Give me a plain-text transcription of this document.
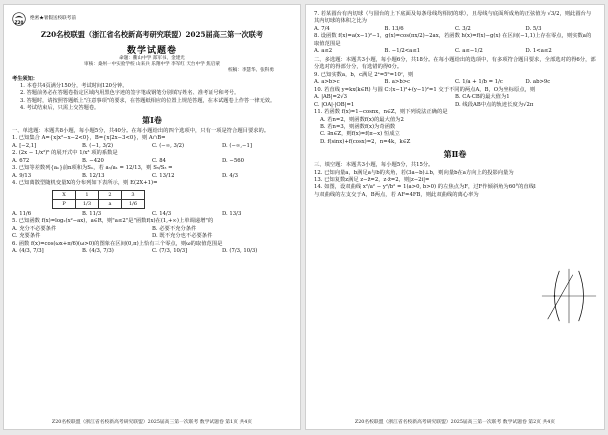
Z20
绝密★暑假送校联考前
Z20名校联盟（浙江省名校新高考研究联盟）2025届高三第一次联考
数学试题卷
命题：衢山中学 郑军书、金建光
审核：桑州一中实验学校 山来兵 乐翔中学 李军红 天台中学 焦启蒙
校稿：李慧华、张科勇
考生须知：
1. 本卷共4页满分150分，考试时间120分钟。
2. 答题前务必在答题卷指定区域内用黑色字迹的签字笔或钢笔分别填写姓名、准考证号和考号。
3. 答题时，请按照答题纸上"注意事项"的要求，在答题纸相应的位置上规范答题，在本试题卷上作答一律无效。
4. 考试结束后，只需上交答题卷。
第Ⅰ卷
一、单选题：本题共8小题，每小题5分，共40分。在每小题给出的四个选项中，只有一项是符合题目要求的。
1. 已知集合 A={x|x²−x−2<0}，B={x|2x−3<0}，则 A∩B=
A. [−2,1]	B. (−1, 3/2)	C. (−∞, 3/2)	D. (−∞,−1]
2. (2x − 1/x²)⁶ 的展开式中 1/x³ 项的系数是
A. 672	B. −420	C. 84	D. −560
3. 已知等差数列{aₙ}前n项和为Sₙ，若 a₃/a₁ = 12/13，则 S₅/S₃ =
A. 9/13	B. 12/13	C. 13/12	D. 4/3
4. 已知离散型随机变量X的分布列如下表所示，则 E(2X+1)=
X	1	2	3
P	1/3	a	1/6
A. 11/6	B. 11/3	C. 14/3	D. 13/3
5. 已知函数 f(x)=log₂(x²−ax)，a∈R，则"a≤2"是"函数f(x)在(1,+∞)上单调递增"的
A. 充分不必要条件	B. 必要不充分条件
C. 充要条件	D. 既不充分也不必要条件
6. 函数 f(x)=cos(ωx+π/6)(ω>0)的图象在区间(0,π)上恰有三个零点，则ω的取值范围是
A. (4/3, 7/3]	B. (4/3, 7/3)	C. (7/3, 10/3]	D. (7/3, 10/3)
Z20名校联盟（浙江省名校新高考研究联盟）2025届高三第一次联考 数学试题卷 第1页 共4页
7. 若某圆台有内切球（与圆台的上下底面及每条母线均相切的球），且母线与底面所成角的正弦值为 √3/2，则此圆台与其内切球的体积之比为
A. 7/4	B. 13/6	C. 3/2	D. 5/3
8. 设函数 f(x)=a(x−1)²−1，g(x)=cos(πx/2)−2ax，若函数 h(x)=f(x)−g(x) 在区间(−1,1)上存在零点，则实数a的取值范围是
A. a≤2	B. −1/2<a≤1	C. a≤−1/2	D. 1<a≤2
二、多选题：本题共3小题，每小题6分，共18分。在每小题给出的选项中，有多项符合题目要求，全部选对的得6分，部分选对的得部分分，有选错的得0分。
9. 已知实数a，b，c满足 2ᵃ=5ᵇ=10ᶜ，则
A. a>b>c	B. a>b>c	C. 1/a + 1/b = 1/c	D. ab>9c
10. 若直线 y=kx(k∈R) 与圆 C:(x−1)²+(y−1)²=1 交于不同的两点A，B，O为坐标原点，则
A. |AB|=2√3	B. CA·CB的最大值为1
C. |OA|·|OB|=1	D. 线段AB中点的轨迹长度为√2π
11. 若函数 f(x)=1−cosnx，n∈Z，则下列说法正确的是
A. 若n=2，则函数f(x)的最大值为2
B. 若n=3，则函数f(x)为奇函数
C. ∃n∈Z，则f(x)=f(π−x) 恒成立
D. f(sinx)+f(cosx)=2，n=4k，k∈Z
第Ⅱ卷
三、填空题：本题共3小题，每小题5分，共15分。
12. 已知向量a，b满足a与b的夹角，若(3a−b)⊥b，则向量b在a方向上的投影向量为
13. 已知复数z满足 z−z̄=2，z·z̄=2，则|z−2i|=
14. 如图，设双曲线 x²/a² − y²/b² = 1(a>0, b>0) 的左焦点为F，过F作倾斜角为60°的直线l与双曲线的左支交于A，B两点，若 AF=4FB，则此双曲线的离心率为
Z20名校联盟（浙江省名校新高考研究联盟）2025届高三第一次联考 数学试题卷 第2页 共4页
